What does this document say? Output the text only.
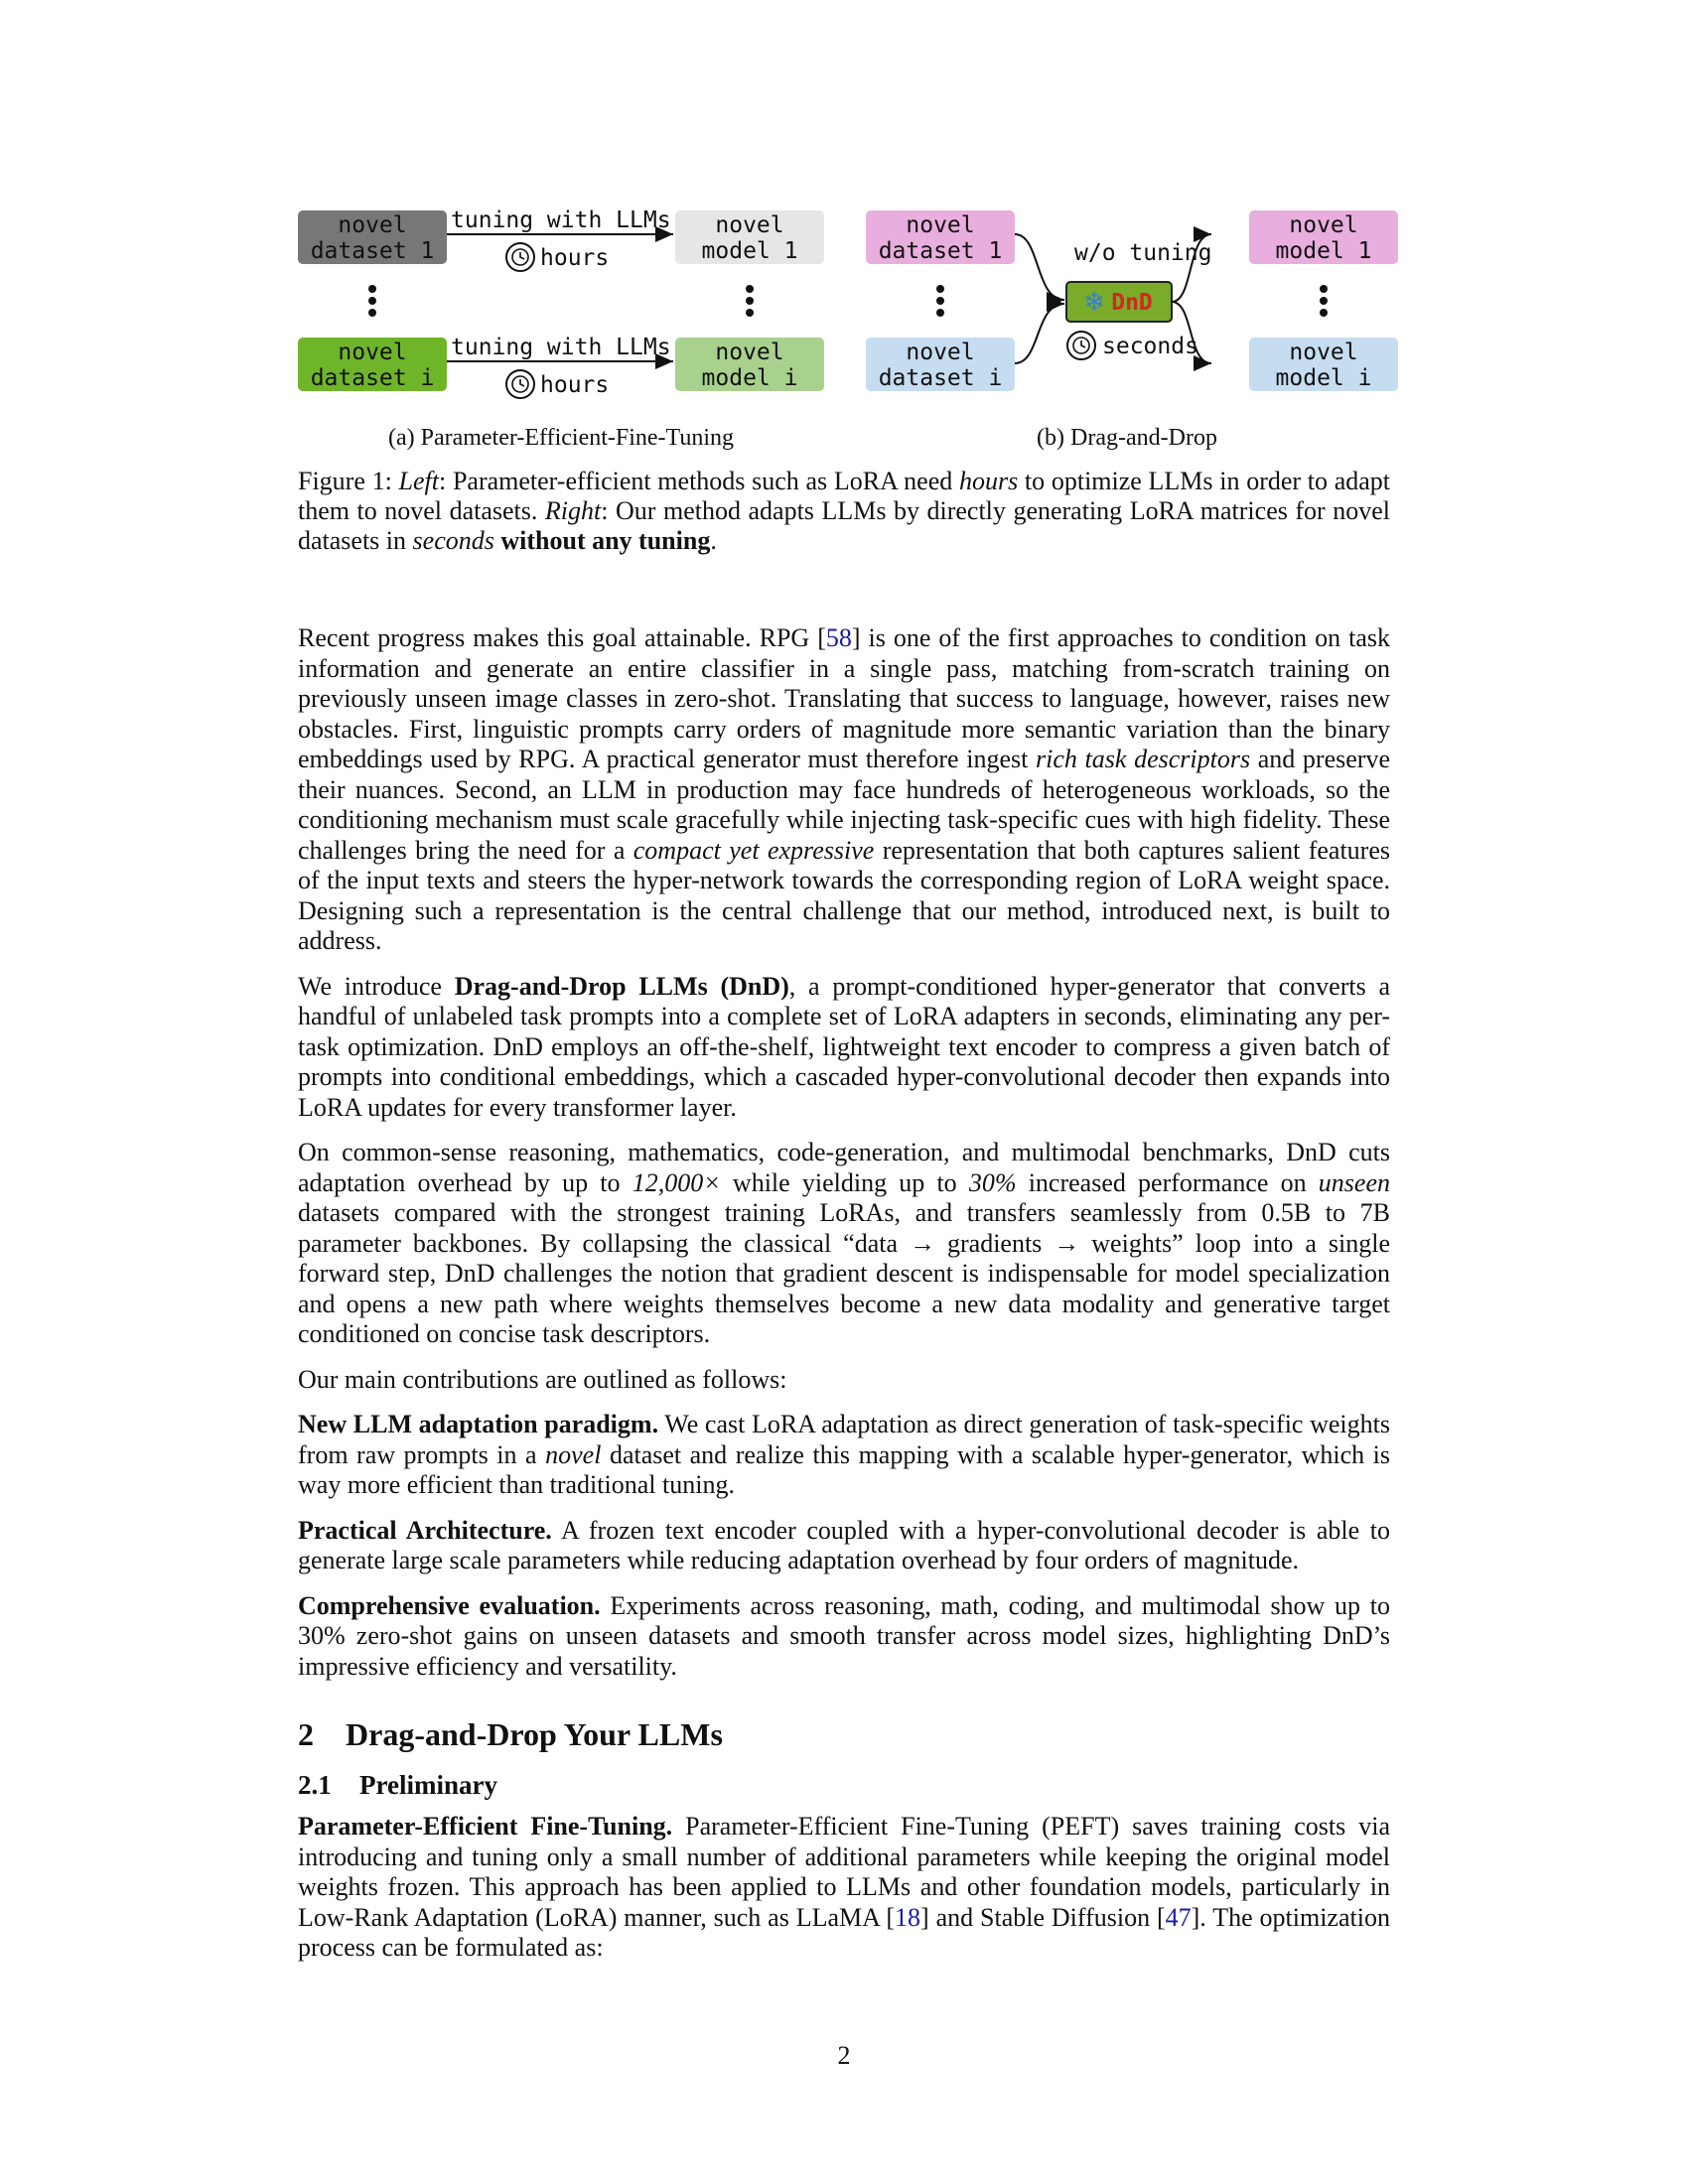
novel
dataset 1
tuning with LLMs
hours
novel
model 1
novel
dataset i
tuning with LLMs
hours
novel
model i
novel
dataset 1
novel
dataset i
❄ DnD
w/o tuning
seconds
novel
model 1
novel
model i
(a) Parameter-Efficient-Fine-Tuning	(b) Drag-and-Drop
Figure 1: Left: Parameter-efficient methods such as LoRA need hours to optimize LLMs in order to adapt them to novel datasets. Right: Our method adapts LLMs by directly generating LoRA matrices for novel datasets in seconds without any tuning.

Recent progress makes this goal attainable. RPG [58] is one of the first approaches to condition on task information and generate an entire classifier in a single pass, matching from-scratch training on previously unseen image classes in zero-shot. Translating that success to language, however, raises new obstacles. First, linguistic prompts carry orders of magnitude more semantic variation than the binary embeddings used by RPG. A practical generator must therefore ingest rich task descriptors and preserve their nuances. Second, an LLM in production may face hundreds of heterogeneous workloads, so the conditioning mechanism must scale gracefully while injecting task-specific cues with high fidelity. These challenges bring the need for a compact yet expressive representation that both captures salient features of the input texts and steers the hyper-network towards the corresponding region of LoRA weight space. Designing such a representation is the central challenge that our method, introduced next, is built to address.

We introduce Drag-and-Drop LLMs (DnD), a prompt-conditioned hyper-generator that converts a handful of unlabeled task prompts into a complete set of LoRA adapters in seconds, eliminating any per-task optimization. DnD employs an off-the-shelf, lightweight text encoder to compress a given batch of prompts into conditional embeddings, which a cascaded hyper-convolutional decoder then expands into LoRA updates for every transformer layer.

On common-sense reasoning, mathematics, code-generation, and multimodal benchmarks, DnD cuts adaptation overhead by up to 12,000× while yielding up to 30% increased performance on unseen datasets compared with the strongest training LoRAs, and transfers seamlessly from 0.5B to 7B parameter backbones. By collapsing the classical “data → gradients → weights” loop into a single forward step, DnD challenges the notion that gradient descent is indispensable for model specialization and opens a new path where weights themselves become a new data modality and generative target conditioned on concise task descriptors.

Our main contributions are outlined as follows:

New LLM adaptation paradigm. We cast LoRA adaptation as direct generation of task-specific weights from raw prompts in a novel dataset and realize this mapping with a scalable hyper-generator, which is way more efficient than traditional tuning.

Practical Architecture. A frozen text encoder coupled with a hyper-convolutional decoder is able to generate large scale parameters while reducing adaptation overhead by four orders of magnitude.

Comprehensive evaluation. Experiments across reasoning, math, coding, and multimodal show up to 30% zero-shot gains on unseen datasets and smooth transfer across model sizes, highlighting DnD’s impressive efficiency and versatility.

2 Drag-and-Drop Your LLMs
2.1 Preliminary

Parameter-Efficient Fine-Tuning. Parameter-Efficient Fine-Tuning (PEFT) saves training costs via introducing and tuning only a small number of additional parameters while keeping the original model weights frozen. This approach has been applied to LLMs and other foundation models, particularly in Low-Rank Adaptation (LoRA) manner, such as LLaMA [18] and Stable Diffusion [47]. The optimization process can be formulated as:

2
